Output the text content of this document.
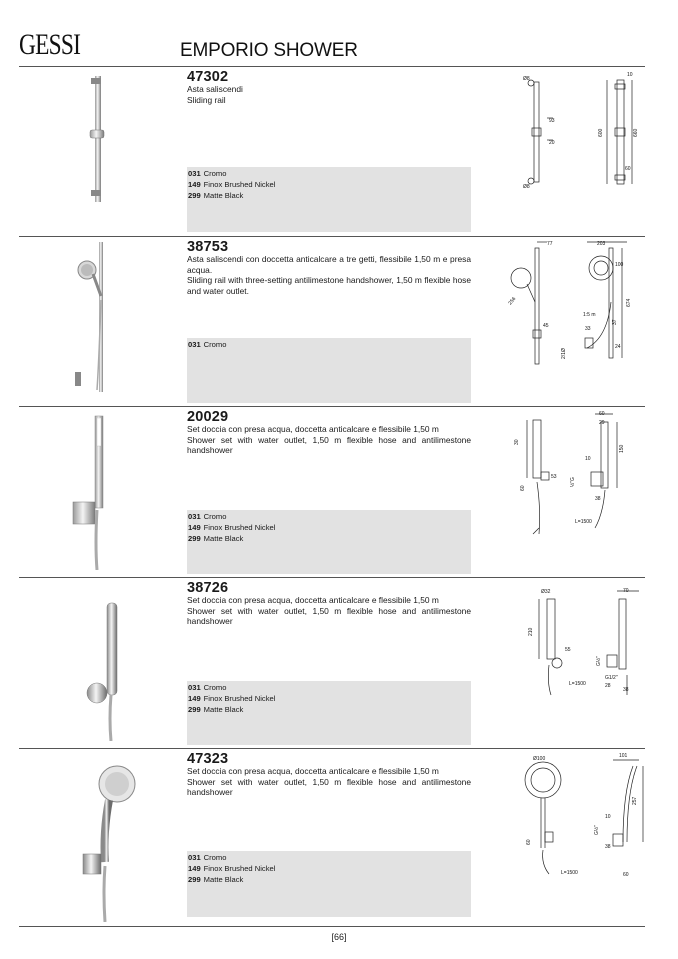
GESSI	EMPORIO SHOWER
47302
Asta saliscendi
Sliding rail
031 Cromo
149 Finox Brushed Nickel
299 Matte Black
Ø8
93
20
600	660
10
60
Ø8
38753
Asta saliscendi con doccetta anticalcare a tre getti, flessibile 1,50 m e presa acqua.
Sliding rail with three-setting antilimestone handshower, 1,50 m flexible hose and water outlet.
031 Cromo
77
256
45
2/1Ø
1:5 m
33
203
100
674
37
24
20029
Set doccia con presa acqua, doccetta anticalcare e flessibile 1,50 m
Shower set with water outlet, 1,50 m flexible hose and antilimestone handshower
031 Cromo
149 Finox Brushed Nickel
299 Matte Black
30
53
60
½"G
L=1500
60
29
10
150
38
38726
Set doccia con presa acqua, doccetta anticalcare e flessibile 1,50 m
Shower set with water outlet, 1,50 m flexible hose and antilimestone handshower
031 Cromo
149 Finox Brushed Nickel
299 Matte Black
Ø32
210
55
L=1500
70
G½"
G1/2"
38
28
47323
Set doccia con presa acqua, doccetta anticalcare e flessibile 1,50 m
Shower set with water outlet, 1,50 m flexible hose and antilimestone handshower
031 Cromo
149 Finox Brushed Nickel
299 Matte Black
Ø100
60
L=1500
101
257
10
G½"
38
60
[66]
